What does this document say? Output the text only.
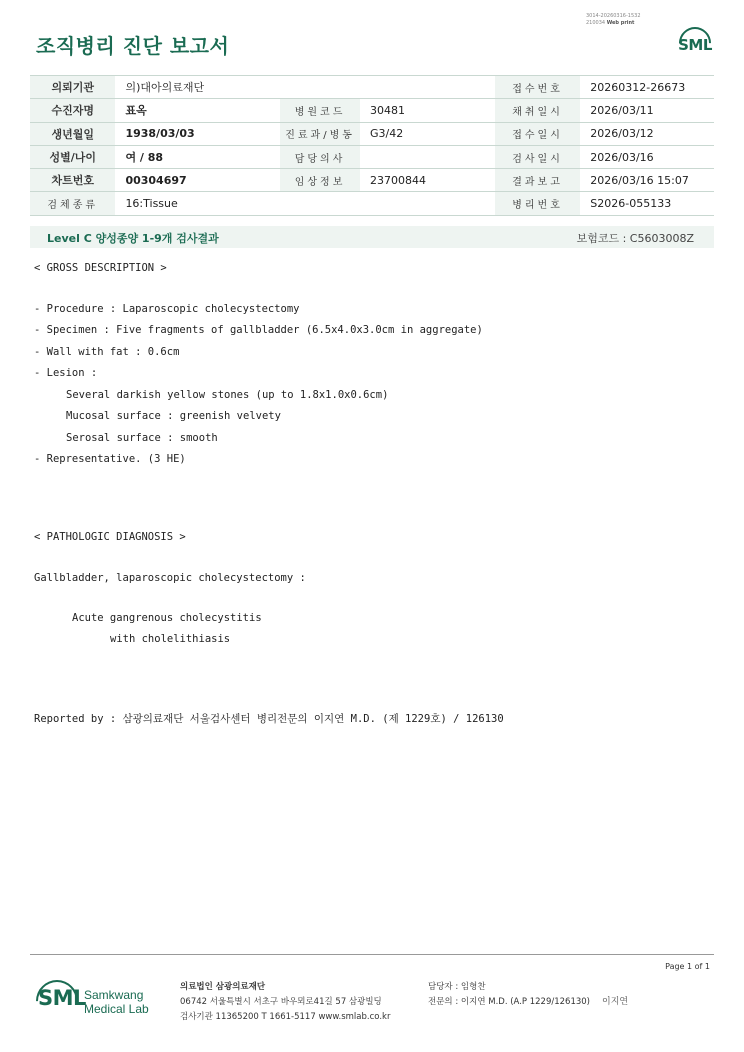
3014-20260316-1532
210034 Web print
조직병리 진단 보고서	SML
의뢰기관	의)대아의료재단			접수번호	20260312-26673
수진자명	표옥	병원코드	30481	채취일시	2026/03/11
생년월일	1938/03/03	진료과/병동	G3/42	접수일시	2026/03/12
성별/나이	여 / 88	담당의사		검사일시	2026/03/16
차트번호	00304697	임상정보	23700844	결과보고	2026/03/16 15:07
검체종류	16:Tissue			병리번호	S2026-055133
Level C 양성종양 1-9개 검사결과	보험코드 : C5603008Z
< GROSS DESCRIPTION >
- Procedure : Laparoscopic cholecystectomy
- Specimen : Five fragments of gallbladder (6.5x4.0x3.0cm in aggregate)
- Wall with fat : 0.6cm
- Lesion :
Several darkish yellow stones (up to 1.8x1.0x0.6cm)
Mucosal surface : greenish velvety
Serosal surface : smooth
- Representative. (3 HE)
< PATHOLOGIC DIAGNOSIS >
Gallbladder, laparoscopic cholecystectomy :
Acute gangrenous cholecystitis
with cholelithiasis
Reported by : 삼광의료재단 서울검사센터 병리전문의 이지연 M.D. (제 1229호) / 126130
Page 1 of 1
SML
Samkwang
Medical Lab
의료법인 삼광의료재단
06742 서울특별시 서초구 바우뫼로41길 57 삼광빌딩
검사기관 11365200 T 1661-5117 www.smlab.co.kr
담당자 : 임형찬
전문의 : 이지연 M.D. (A.P 1229/126130) 이지연
